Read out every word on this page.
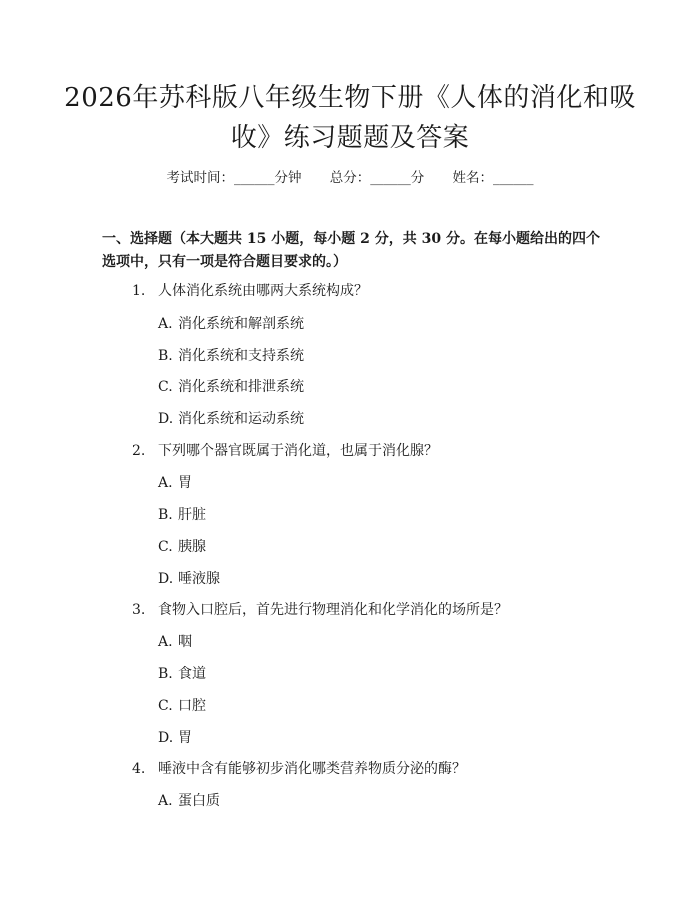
2026年苏科版八年级生物下册《人体的消化和吸收》练习题题及答案
考试时间：______分钟 总分：______分 姓名：______

一、选择题（本大题共 15 小题，每小题 2 分，共 30 分。在每小题给出的四个选项中，只有一项是符合题目要求的。）

1. 人体消化系统由哪两大系统构成？
A. 消化系统和解剖系统
B. 消化系统和支持系统
C. 消化系统和排泄系统
D. 消化系统和运动系统
2. 下列哪个器官既属于消化道，也属于消化腺？
A. 胃
B. 肝脏
C. 胰腺
D. 唾液腺
3. 食物入口腔后，首先进行物理消化和化学消化的场所是？
A. 咽
B. 食道
C. 口腔
D. 胃
4. 唾液中含有能够初步消化哪类营养物质分泌的酶？
A. 蛋白质
